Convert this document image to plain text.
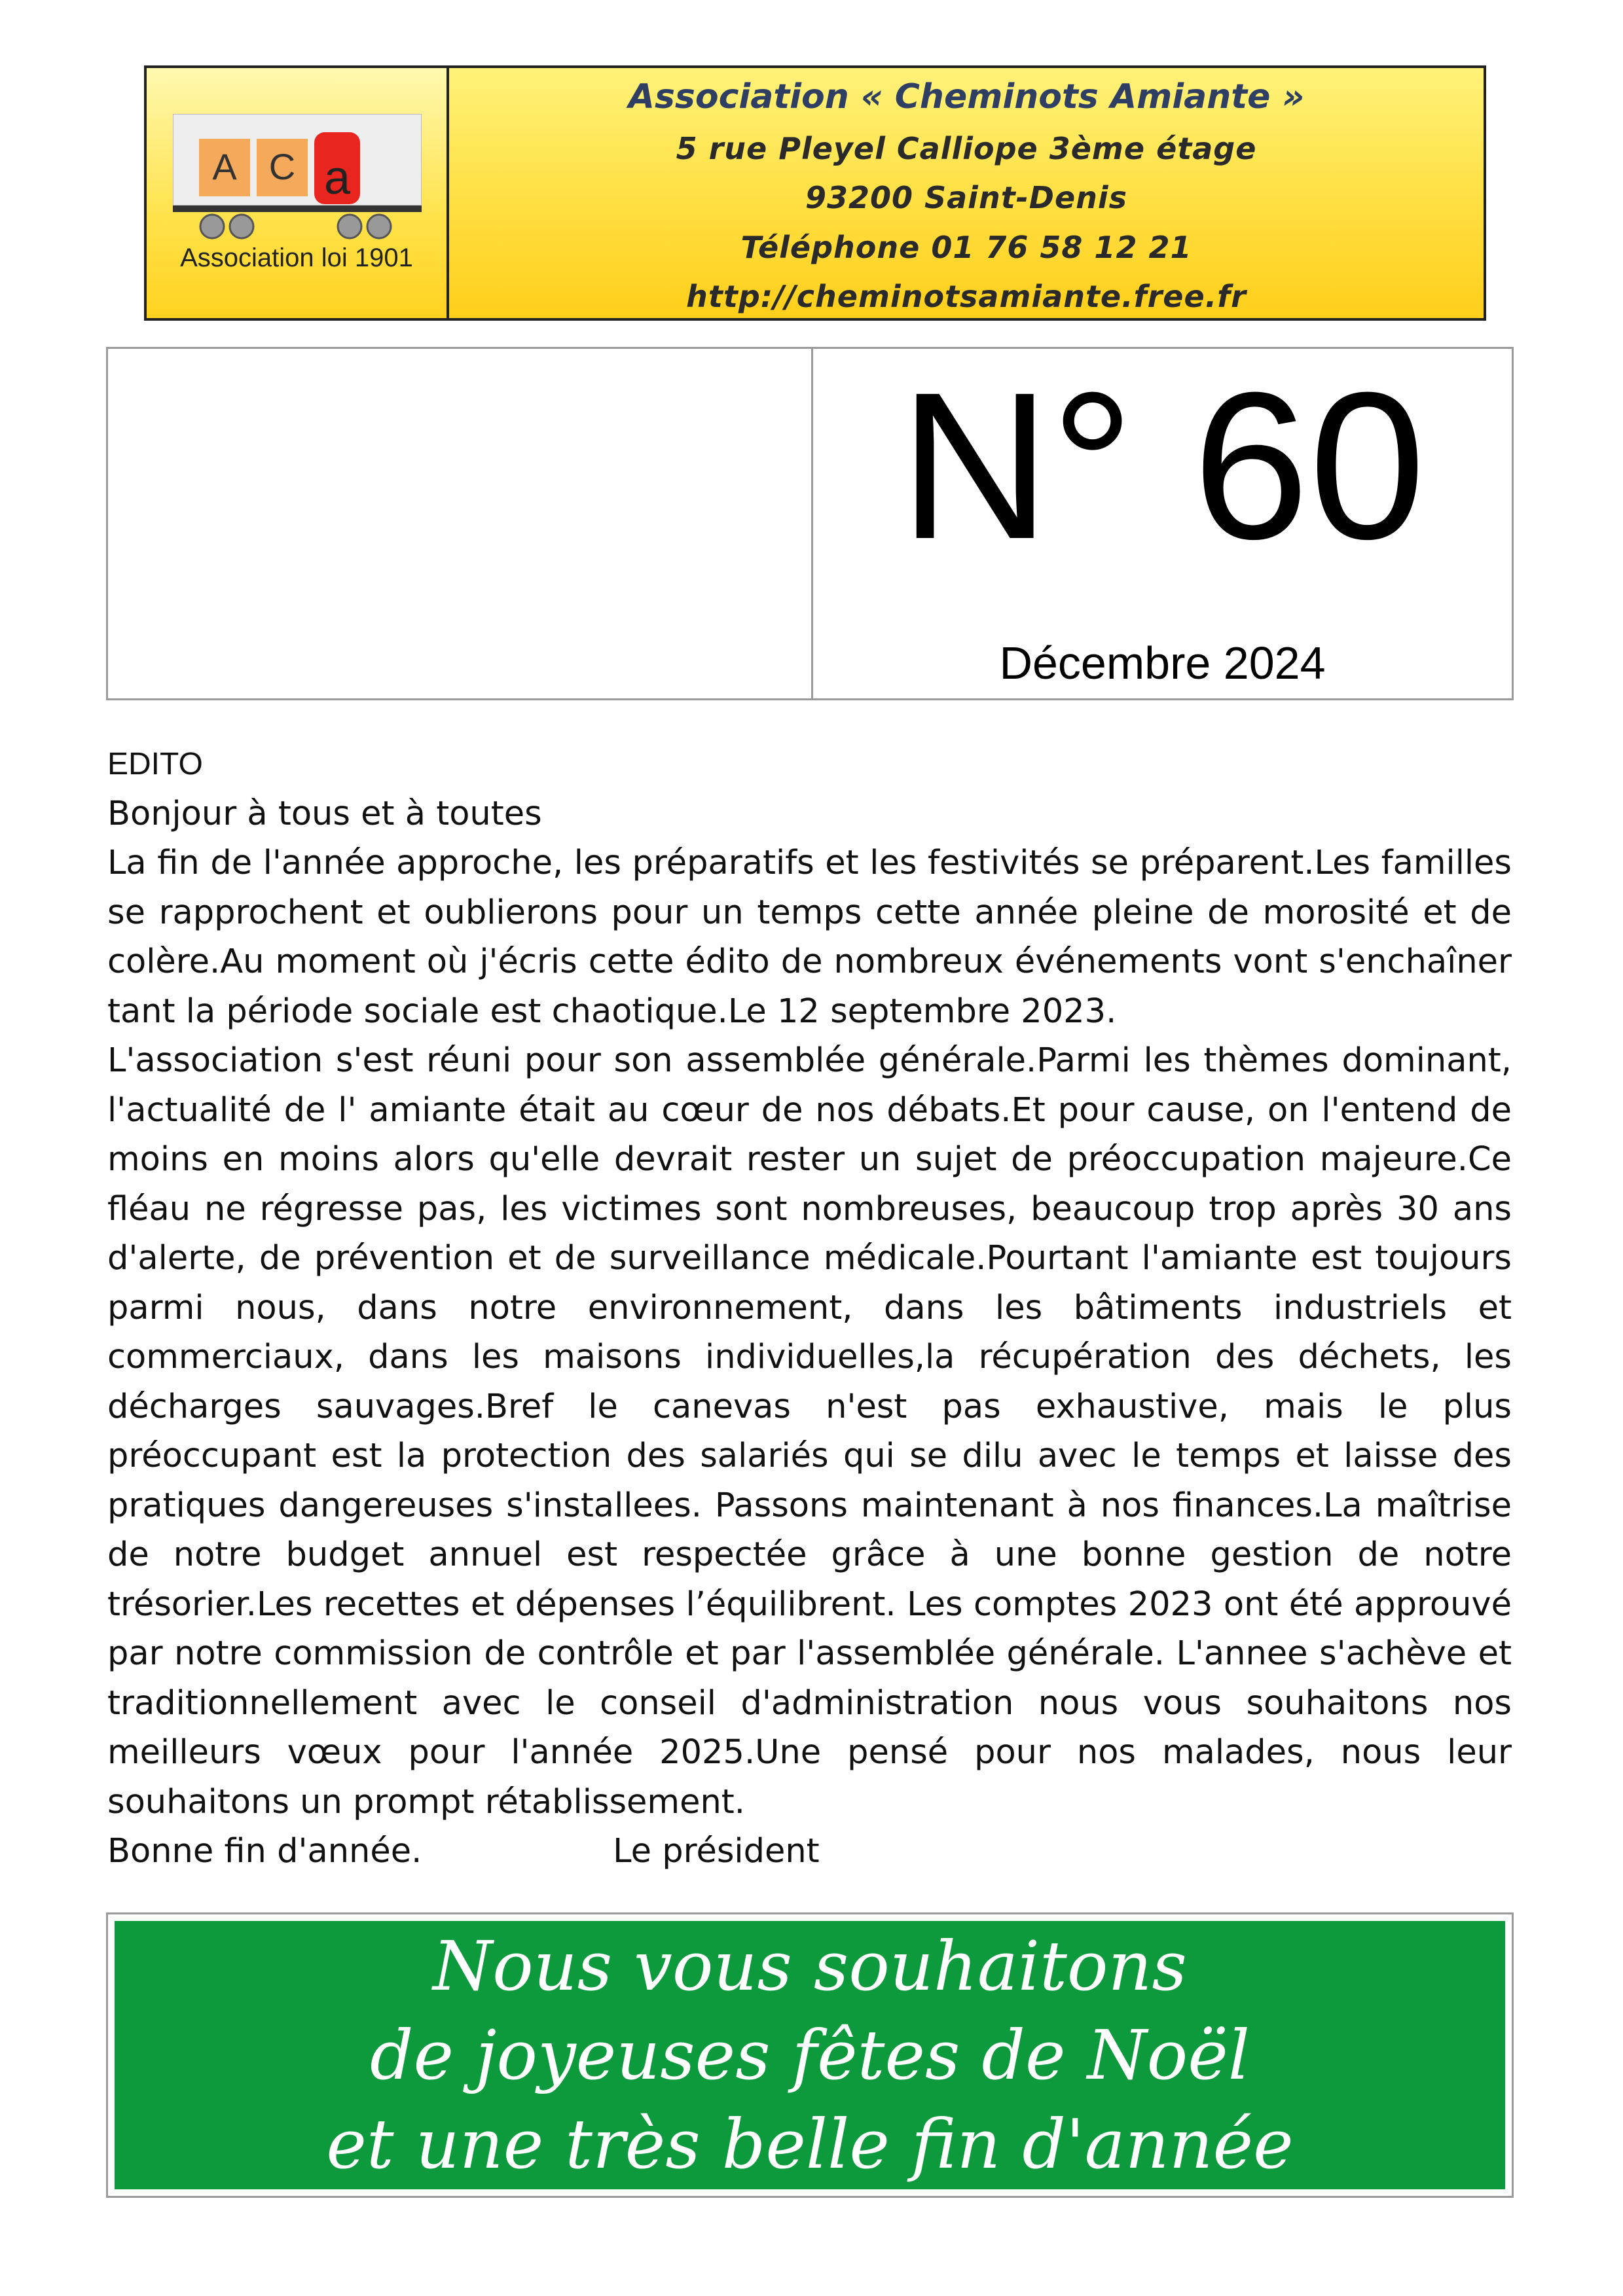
A C a
Association loi 1901
Association « Cheminots Amiante »
5 rue Pleyel Calliope 3ème étage
93200 Saint-Denis
Téléphone 01 76 58 12 21
http://cheminotsamiante.free.fr
N° 60
Décembre 2024
EDITO

Bonjour à tous et à toutes

La fin de l'année approche, les préparatifs et les festivités se préparent.Les familles se rapprochent et oublierons pour un temps cette année pleine de morosité et de colère.Au moment où j'écris cette édito de nombreux événements vont s'enchaîner tant la période sociale est chaotique.Le 12 septembre 2023.

L'association s'est réuni pour son assemblée générale.Parmi les thèmes dominant, l'actualité de l' amiante était au cœur de nos débats.Et pour cause, on l'entend de moins en moins alors qu'elle devrait rester un sujet de préoccupation majeure.Ce fléau ne régresse pas, les victimes sont nombreuses, beaucoup trop après 30 ans d'alerte, de prévention et de surveillance médicale.Pourtant l'amiante est toujours parmi nous, dans notre environnement, dans les bâtiments industriels et commerciaux, dans les maisons individuelles,la récupération des déchets, les décharges sauvages.Bref le canevas n'est pas exhaustive, mais le plus préoccupant est la protection des salariés qui se dilu avec le temps et laisse des pratiques dangereuses s'installees. Passons maintenant à nos finances.La maîtrise de notre budget annuel est respectée grâce à une bonne gestion de notre trésorier.Les recettes et dépenses l’équilibrent. Les comptes 2023 ont été approuvé par notre commission de contrôle et par l'assemblée générale. L'annee s'achève et traditionnellement avec le conseil d'administration nous vous souhaitons nos meilleurs vœux pour l'année 2025.Une pensé pour nos malades, nous leur souhaitons un prompt rétablissement.

Bonne fin d'année.	Le président

Nous vous souhaitons
de joyeuses fêtes de Noël
et une très belle fin d'année
